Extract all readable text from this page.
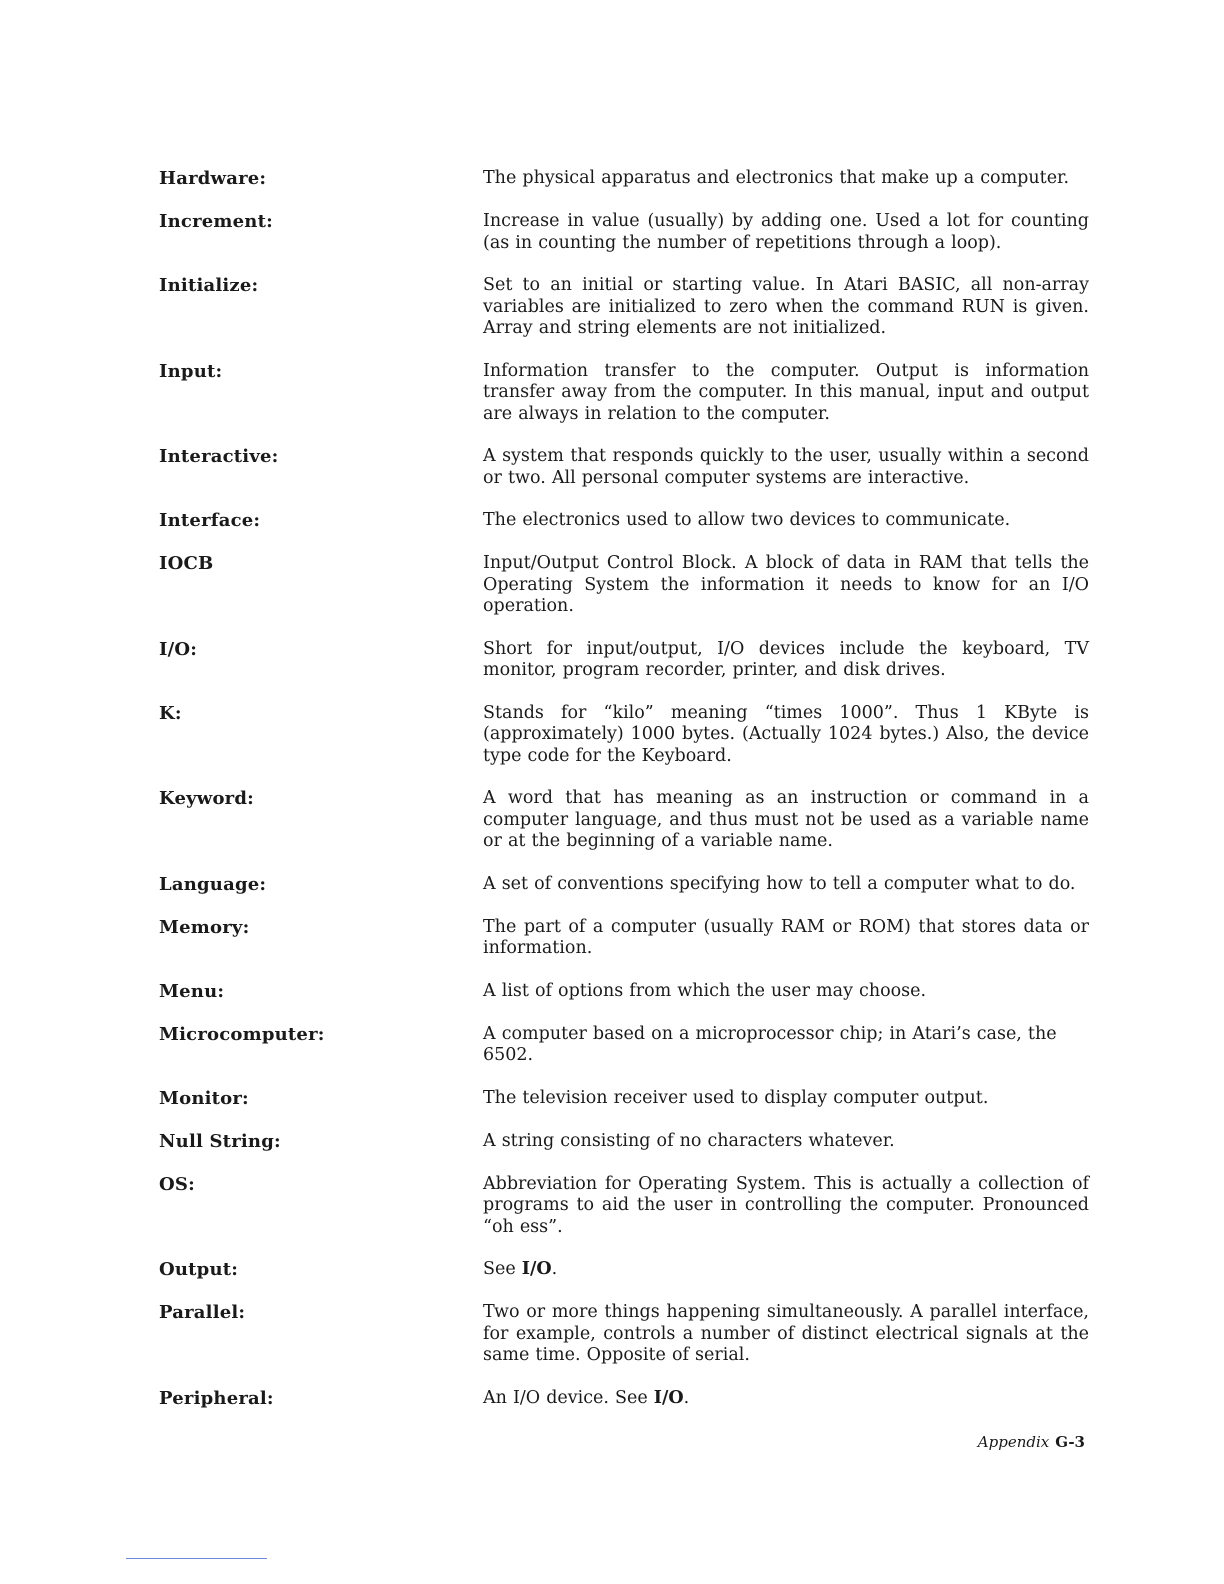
Hardware:	The physical apparatus and electronics that make up a computer.
Increment:	Increase in value (usually) by adding one. Used a lot for counting (as in counting the number of repetitions through a loop).
Initialize:	Set to an initial or starting value. In Atari BASIC, all non-array variables are initialized to zero when the command RUN is given. Array and string elements are not initialized.
Input:	Information transfer to the computer. Output is information transfer away from the computer. In this manual, input and output are always in relation to the computer.
Interactive:	A system that responds quickly to the user, usually within a second or two. All personal computer systems are interactive.
Interface:	The electronics used to allow two devices to communicate.
IOCB	Input/Output Control Block. A block of data in RAM that tells the Operating System the information it needs to know for an I/O operation.
I/O:	Short for input/output, I/O devices include the keyboard, TV monitor, program recorder, printer, and disk drives.
K:	Stands for “kilo” meaning “times 1000”. Thus 1 KByte is (approximately) 1000 bytes. (Actually 1024 bytes.) Also, the device type code for the Keyboard.
Keyword:	A word that has meaning as an instruction or command in a computer language, and thus must not be used as a variable name or at the beginning of a variable name.
Language:	A set of conventions specifying how to tell a computer what to do.
Memory:	The part of a computer (usually RAM or ROM) that stores data or information.
Menu:	A list of options from which the user may choose.
Microcomputer:	A computer based on a microprocessor chip; in Atari’s case, the 6502.
Monitor:	The television receiver used to display computer output.
Null String:	A string consisting of no characters whatever.
OS:	Abbreviation for Operating System. This is actually a collection of programs to aid the user in controlling the computer. Pronounced “oh ess”.
Output:	See I/O.
Parallel:	Two or more things happening simultaneously. A parallel interface, for example, controls a number of distinct electrical signals at the same time. Opposite of serial.
Peripheral:	An I/O device. See I/O.
Appendix G-3
